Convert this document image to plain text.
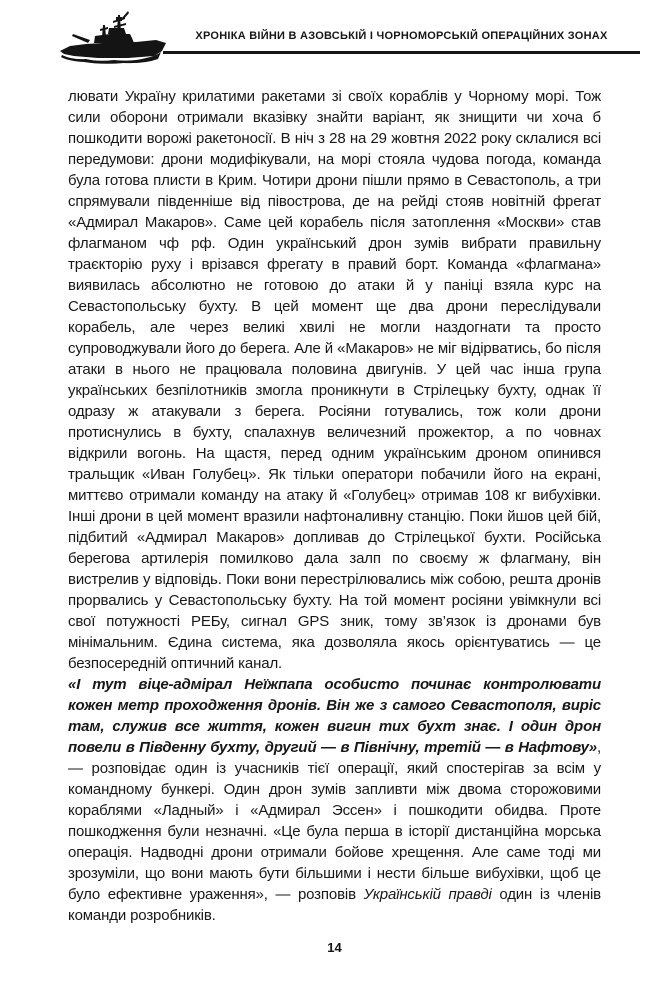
ХРОНІКА ВІЙНИ В АЗОВСЬКІЙ І ЧОРНОМОРСЬКІЙ ОПЕРАЦІЙНИХ ЗОНАХ

лювати Україну крилатими ракетами зі своїх кораблів у Чорному морі. Тож сили оборони отримали вказівку знайти варіант, як знищити чи хоча б пошкодити ворожі ракетоносії. В ніч з 28 на 29 жовтня 2022 року склалися всі передумови: дрони модифікували, на морі стояла чудова погода, команда була готова плисти в Крим. Чотири дрони пішли прямо в Севастополь, а три спрямували південніше від півострова, де на рейді стояв новітній фрегат «Адмирал Макаров». Саме цей корабель після затоплення «Москви» став флагманом чф рф. Один український дрон зумів вибрати правильну траєкторію руху і врізався фрегату в правий борт. Команда «флагмана» виявилась абсолютно не готовою до атаки й у паніці взяла курс на Севастопольську бухту. В цей момент ще два дрони переслідували корабель, але через великі хвилі не могли наздогнати та просто супроводжували його до берега. Але й «Макаров» не міг відірватись, бо після атаки в нього не працювала половина двигунів. У цей час інша група українських безпілотників змогла проникнути в Стрілецьку бухту, однак її одразу ж атакували з берега. Росіяни готувались, тож коли дрони протиснулись в бухту, спалахнув величезний прожектор, а по човнах відкрили вогонь. На щастя, перед одним українським дроном опинився тральщик «Иван Голубец». Як тільки оператори побачили його на екрані, миттєво отримали команду на атаку й «Голубец» отримав 108 кг вибухівки. Інші дрони в цей момент вразили нафтоналивну станцію. Поки йшов цей бій, підбитий «Адмирал Макаров» допливав до Стрілецької бухти. Російська берегова артилерія помилково дала залп по своєму ж флагману, він вистрелив у відповідь. Поки вони перестрілювались між собою, решта дронів прорвались у Севастопольську бухту. На той момент росіяни увімкнули всі свої потужності РЕБу, сигнал GPS зник, тому зв’язок із дронами був мінімальним. Єдина система, яка дозволяла якось орієнтуватись — це безпосередній оптичний канал.

«І тут віце-адмірал Неїжпапа особисто починає контролювати кожен метр проходження дронів. Він же з самого Севастополя, виріс там, служив все життя, кожен вигин тих бухт знає. І один дрон повели в Південну бухту, другий — в Північну, третій — в Нафтову», — розповідає один із учасників тієї операції, який спостерігав за всім у командному бункері. Один дрон зумів запливти між двома сторожовими кораблями «Ладный» і «Адмирал Эссен» і пошкодити обидва. Проте пошкодження були незначні. «Це була перша в історії дистанційна морська операція. Надводні дрони отримали бойове хрещення. Але саме тоді ми зрозуміли, що вони мають бути більшими і нести більше вибухівки, щоб це було ефективне ураження», — розповів Українській правді один із членів команди розробників.

14
